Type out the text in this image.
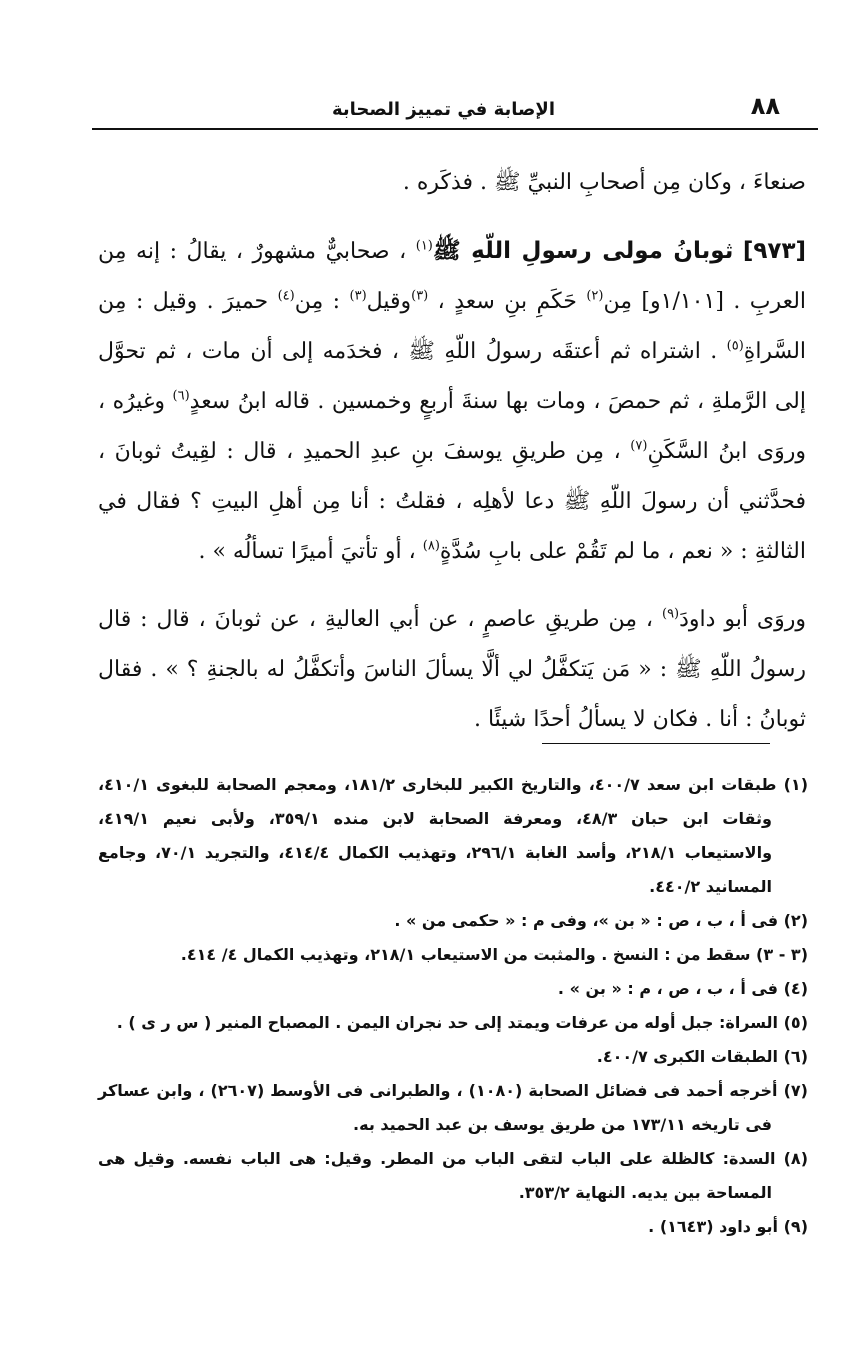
٨٨
الإصابة في تمييز الصحابة

صنعاءَ ، وكان مِن أصحابِ النبيِّ ﷺ . فذكَره .

[٩٧٣] ثوبانُ مولى رسولِ اللّهِ ﷺ$^{(١)}$ ، صحابيٌّ مشهورٌ ، يقالُ : إنه مِن العربِ . [١/١٠١و] مِن$^{(٢)}$ حَكَمِ بنِ سعدٍ ، $^{(٣)}$وقيل$^{(٣)}$ : مِن$^{(٤)}$ حميرَ . وقيل : مِن السَّراةِ$^{(٥)}$ . اشتراه ثم أعتقَه رسولُ اللّهِ ﷺ ، فخدَمه إلى أن مات ، ثم تحوَّل إلى الرَّملةِ ، ثم حمصَ ، ومات بها سنةَ أربعٍ وخمسين . قاله ابنُ سعدٍ$^{(٦)}$ وغيرُه ، وروَى ابنُ السَّكَنِ$^{(٧)}$ ، مِن طريقِ يوسفَ بنِ عبدِ الحميدِ ، قال : لقِيتُ ثوبانَ ، فحدَّثني أن رسولَ اللّهِ ﷺ دعا لأهلِه ، فقلتُ : أنا مِن أهلِ البيتِ ؟ فقال في الثالثةِ : « نعم ، ما لم تَقُمْ على بابِ سُدَّةٍ$^{(٨)}$ ، أو تأتيَ أميرًا تسألُه » .

وروَى أبو داودَ$^{(٩)}$ ، مِن طريقِ عاصمٍ ، عن أبي العاليةِ ، عن ثوبانَ ، قال : قال رسولُ اللّهِ ﷺ : « مَن يَتكفَّلُ لي ألَّا يسألَ الناسَ وأتكفَّلُ له بالجنةِ ؟ » . فقال ثوبانُ : أنا . فكان لا يسألُ أحدًا شيئًا .

(١) طبقات ابن سعد ٤٠٠/٧، والتاريخ الكبير للبخارى ١٨١/٢، ومعجم الصحابة للبغوى ٤١٠/١، وثقات ابن حبان ٤٨/٣، ومعرفة الصحابة لابن منده ٣٥٩/١، ولأبى نعيم ٤١٩/١، والاستيعاب ٢١٨/١، وأسد الغابة ٢٩٦/١، وتهذيب الكمال ٤١٤/٤، والتجريد ٧٠/١، وجامع المسانيد ٤٤٠/٢.

(٢) فى أ ، ب ، ص : « بن »، وفى م : « حكمى من » .

(٣ - ٣) سقط من : النسخ . والمثبت من الاستيعاب ٢١٨/١، وتهذيب الكمال ٤/ ٤١٤.

(٤) فى أ ، ب ، ص ، م : « بن » .

(٥) السراة: جبل أوله من عرفات ويمتد إلى حد نجران اليمن . المصباح المنير ( س ر ى ) .

(٦) الطبقات الكبرى ٤٠٠/٧.

(٧) أخرجه أحمد فى فضائل الصحابة (١٠٨٠) ، والطبرانى فى الأوسط (٢٦٠٧) ، وابن عساكر فى تاريخه ١٧٣/١١ من طريق يوسف بن عبد الحميد به.

(٨) السدة: كالظلة على الباب لتقى الباب من المطر. وقيل: هى الباب نفسه. وقيل هى المساحة بين يديه. النهاية ٣٥٣/٢.

(٩) أبو داود (١٦٤٣) .
